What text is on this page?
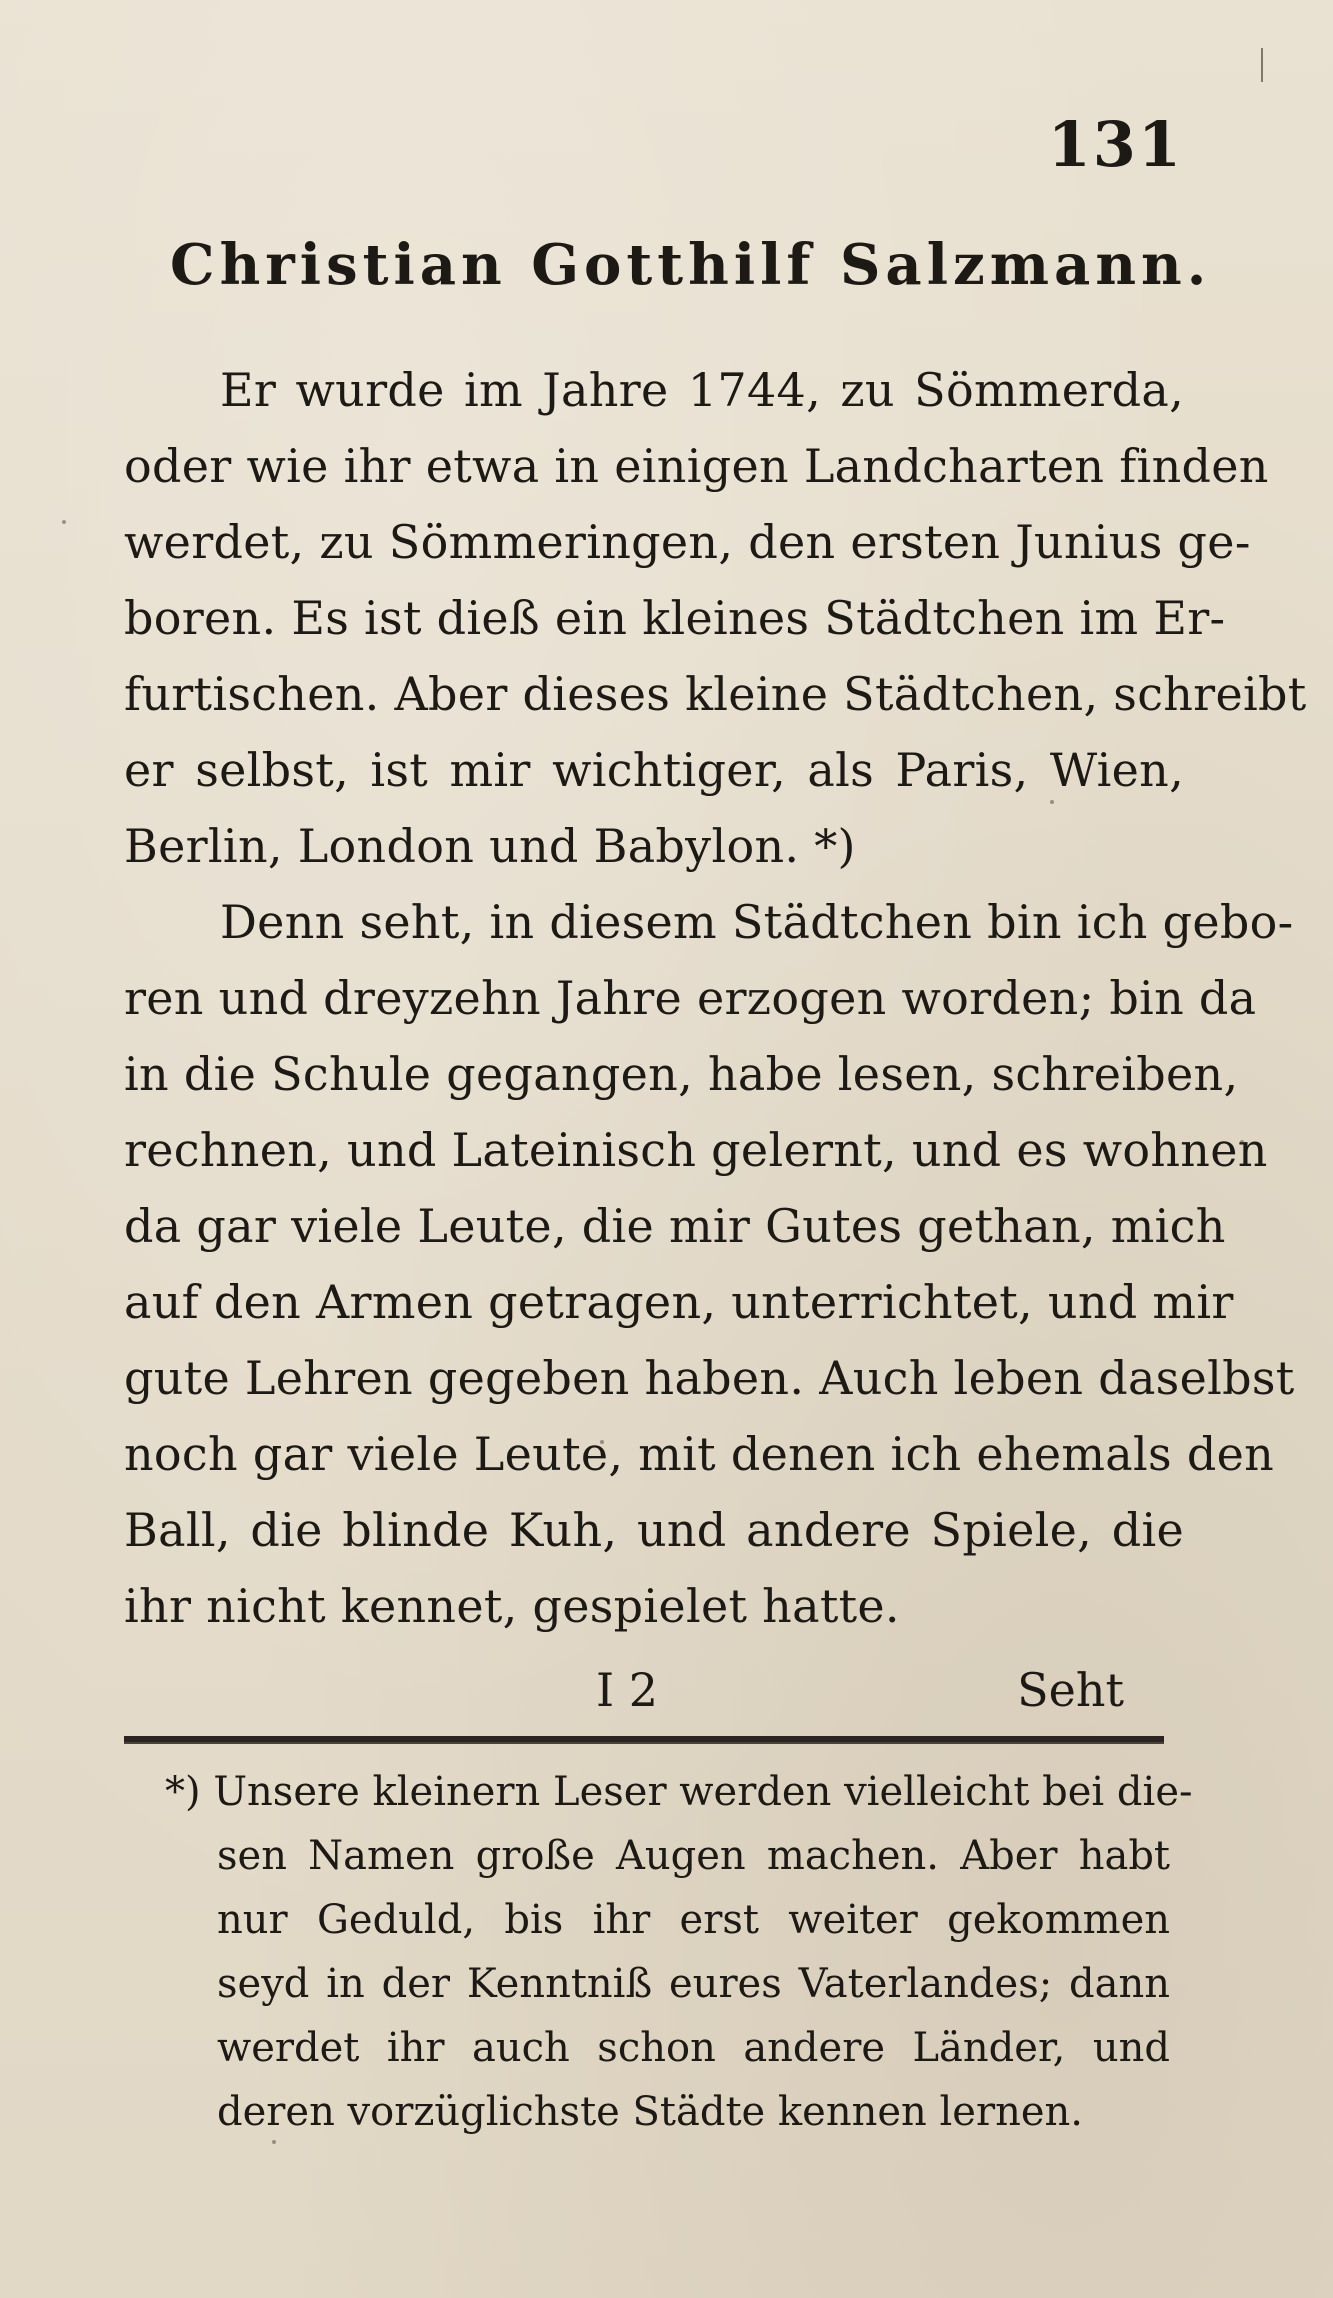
131
Christian Gotthilf Salzmann.
Er wurde im Jahre 1744, zu Sömmerda,
oder wie ihr etwa in einigen Landcharten finden
werdet, zu Sömmeringen, den ersten Junius ge-
boren. Es ist dieß ein kleines Städtchen im Er-
furtischen. Aber dieses kleine Städtchen, schreibt
er selbst, ist mir wichtiger, als Paris, Wien,
Berlin, London und Babylon. *)
Denn seht, in diesem Städtchen bin ich gebo-
ren und dreyzehn Jahre erzogen worden; bin da
in die Schule gegangen, habe lesen, schreiben,
rechnen, und Lateinisch gelernt, und es wohnen
da gar viele Leute, die mir Gutes gethan, mich
auf den Armen getragen, unterrichtet, und mir
gute Lehren gegeben haben. Auch leben daselbst
noch gar viele Leute, mit denen ich ehemals den
Ball, die blinde Kuh, und andere Spiele, die
ihr nicht kennet, gespielet hatte.
I 2	Seht
*) Unsere kleinern Leser werden vielleicht bei die-
sen Namen große Augen machen. Aber habt
nur Geduld, bis ihr erst weiter gekommen
seyd in der Kenntniß eures Vaterlandes; dann
werdet ihr auch schon andere Länder, und
deren vorzüglichste Städte kennen lernen.
